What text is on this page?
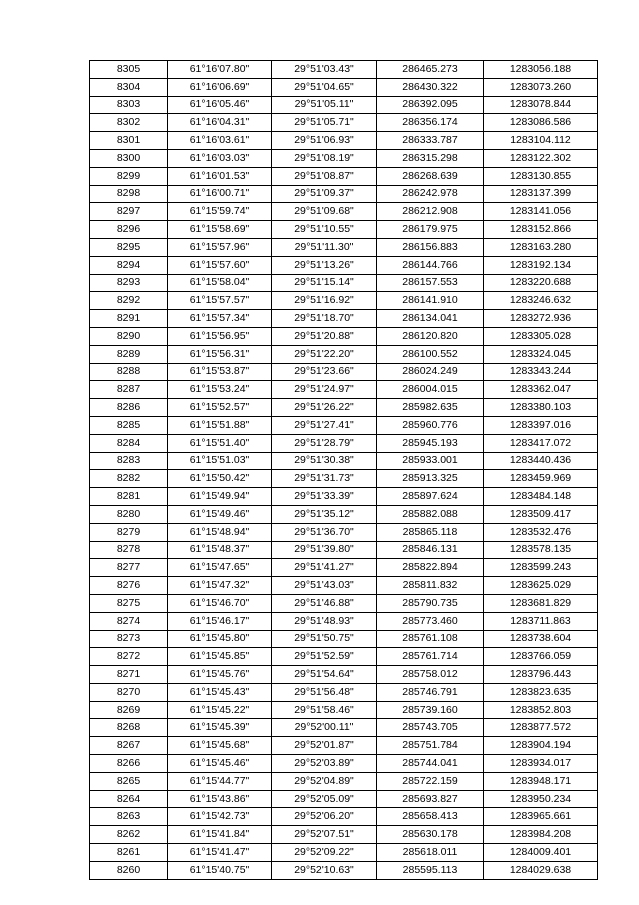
8305	61°16'07.80"	29°51'03.43"	286465.273	1283056.188
8304	61°16'06.69"	29°51'04.65"	286430.322	1283073.260
8303	61°16'05.46"	29°51'05.11"	286392.095	1283078.844
8302	61°16'04.31"	29°51'05.71"	286356.174	1283086.586
8301	61°16'03.61"	29°51'06.93"	286333.787	1283104.112
8300	61°16'03.03"	29°51'08.19"	286315.298	1283122.302
8299	61°16'01.53"	29°51'08.87"	286268.639	1283130.855
8298	61°16'00.71"	29°51'09.37"	286242.978	1283137.399
8297	61°15'59.74"	29°51'09.68"	286212.908	1283141.056
8296	61°15'58.69"	29°51'10.55"	286179.975	1283152.866
8295	61°15'57.96"	29°51'11.30"	286156.883	1283163.280
8294	61°15'57.60"	29°51'13.26"	286144.766	1283192.134
8293	61°15'58.04"	29°51'15.14"	286157.553	1283220.688
8292	61°15'57.57"	29°51'16.92"	286141.910	1283246.632
8291	61°15'57.34"	29°51'18.70"	286134.041	1283272.936
8290	61°15'56.95"	29°51'20.88"	286120.820	1283305.028
8289	61°15'56.31"	29°51'22.20"	286100.552	1283324.045
8288	61°15'53.87"	29°51'23.66"	286024.249	1283343.244
8287	61°15'53.24"	29°51'24.97"	286004.015	1283362.047
8286	61°15'52.57"	29°51'26.22"	285982.635	1283380.103
8285	61°15'51.88"	29°51'27.41"	285960.776	1283397.016
8284	61°15'51.40"	29°51'28.79"	285945.193	1283417.072
8283	61°15'51.03"	29°51'30.38"	285933.001	1283440.436
8282	61°15'50.42"	29°51'31.73"	285913.325	1283459.969
8281	61°15'49.94"	29°51'33.39"	285897.624	1283484.148
8280	61°15'49.46"	29°51'35.12"	285882.088	1283509.417
8279	61°15'48.94"	29°51'36.70"	285865.118	1283532.476
8278	61°15'48.37"	29°51'39.80"	285846.131	1283578.135
8277	61°15'47.65"	29°51'41.27"	285822.894	1283599.243
8276	61°15'47.32"	29°51'43.03"	285811.832	1283625.029
8275	61°15'46.70"	29°51'46.88"	285790.735	1283681.829
8274	61°15'46.17"	29°51'48.93"	285773.460	1283711.863
8273	61°15'45.80"	29°51'50.75"	285761.108	1283738.604
8272	61°15'45.85"	29°51'52.59"	285761.714	1283766.059
8271	61°15'45.76"	29°51'54.64"	285758.012	1283796.443
8270	61°15'45.43"	29°51'56.48"	285746.791	1283823.635
8269	61°15'45.22"	29°51'58.46"	285739.160	1283852.803
8268	61°15'45.39"	29°52'00.11"	285743.705	1283877.572
8267	61°15'45.68"	29°52'01.87"	285751.784	1283904.194
8266	61°15'45.46"	29°52'03.89"	285744.041	1283934.017
8265	61°15'44.77"	29°52'04.89"	285722.159	1283948.171
8264	61°15'43.86"	29°52'05.09"	285693.827	1283950.234
8263	61°15'42.73"	29°52'06.20"	285658.413	1283965.661
8262	61°15'41.84"	29°52'07.51"	285630.178	1283984.208
8261	61°15'41.47"	29°52'09.22"	285618.011	1284009.401
8260	61°15'40.75"	29°52'10.63"	285595.113	1284029.638
